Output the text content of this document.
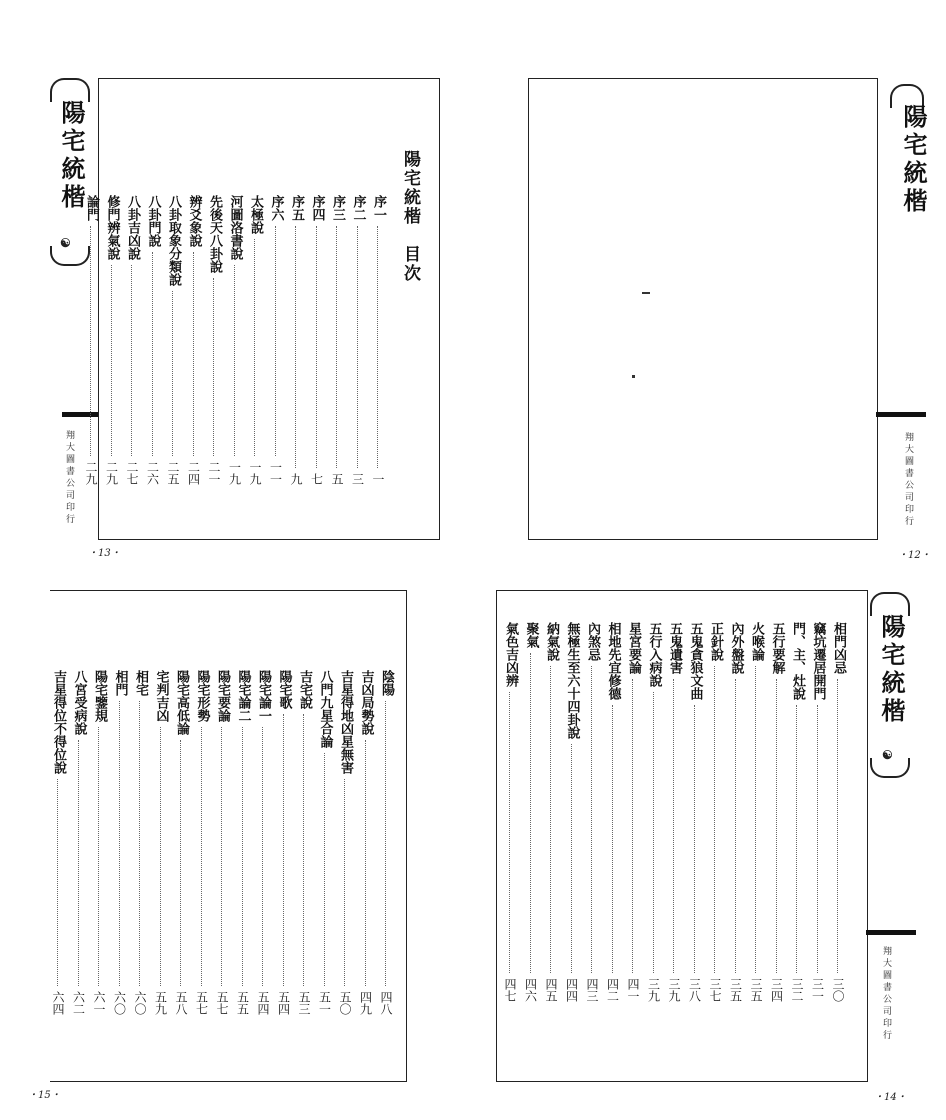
陽宅統楷
☯
翔大圖書公司印行
・13・
陽宅統楷　目次
序一
一
序二
三
序三
五
序四
七
序五
九
序六
一一
太極說
一九
河圖洛書說
一九
先後天八卦說
二一
辨爻象說
二四
八卦取象分類說
二五
八卦門說
二六
八卦吉凶說
二七
修門辨氣說
二九
論門
二九
陽宅統楷
翔大圖書公司印行
・12・
陰陽
四八
吉凶局勢說
四九
吉星得地凶星無害
五〇
八門九星合論
五一
吉宅說
五三
陽宅歌
五四
陽宅論一
五四
陽宅論二
五五
陽宅要論
五七
陽宅形勢
五七
陽宅高低論
五八
宅判吉凶
五九
相宅
六〇
相門
六〇
陽宅鑒規
六一
八宮受病說
六二
吉星得位不得位說
六四
・15・
陽宅統楷
☯
翔大圖書公司印行
相門凶忌
三〇
竊坑遷居開門
三一
門、主、灶說
三二
五行要解
三四
火喉論
三五
內外盤說
三五
正針說
三七
五鬼貪狼文曲
三八
五鬼遺害
三九
五行入病說
三九
星宮要論
四一
相地先宜修德
四二
內煞忌
四三
無極生至六十四卦說
四四
納氣說
四五
聚氣
四六
氣色吉凶辨
四七
・14・
